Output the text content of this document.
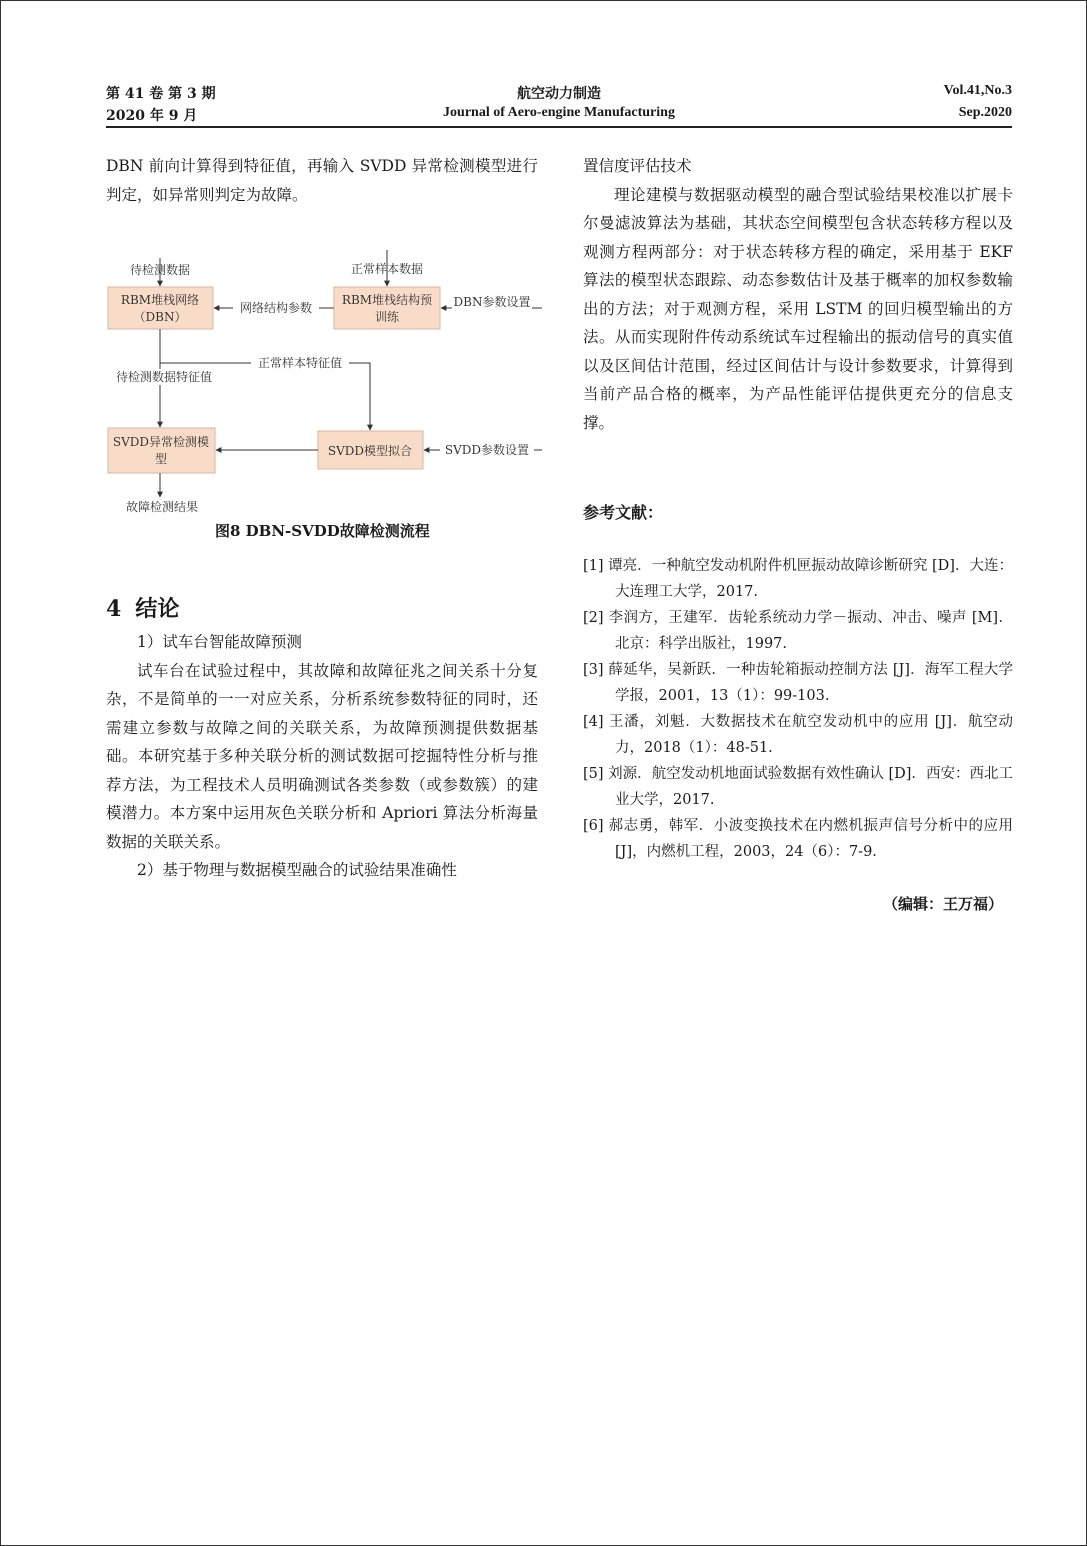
第 41 卷 第 3 期
2020 年 9 月
航空动力制造
Journal of Aero-engine Manufacturing
Vol.41,No.3
Sep.2020

DBN 前向计算得到特征值，再输入 SVDD 异常检测模型进行判定，如异常则判定为故障。

RBM堆栈网络
（DBN）
RBM堆栈结构预
训练
SVDD异常检测模
型
SVDD模型拟合
待检测数据	正常样本数据
网络结构参数	DBN参数设置
正常样本特征值
待检测数据特征值
SVDD参数设置
故障检测结果
图8 DBN-SVDD故障检测流程
4 结论

1）试车台智能故障预测

试车台在试验过程中，其故障和故障征兆之间关系十分复杂，不是简单的一一对应关系，分析系统参数特征的同时，还需建立参数与故障之间的关联关系，为故障预测提供数据基础。本研究基于多种关联分析的测试数据可挖掘特性分析与推荐方法，为工程技术人员明确测试各类参数（或参数簇）的建模潜力。本方案中运用灰色关联分析和 Apriori 算法分析海量数据的关联关系。

2）基于物理与数据模型融合的试验结果准确性

置信度评估技术

理论建模与数据驱动模型的融合型试验结果校准以扩展卡尔曼滤波算法为基础，其状态空间模型包含状态转移方程以及观测方程两部分：对于状态转移方程的确定，采用基于 EKF 算法的模型状态跟踪、动态参数估计及基于概率的加权参数输出的方法；对于观测方程，采用 LSTM 的回归模型输出的方法。从而实现附件传动系统试车过程输出的振动信号的真实值以及区间估计范围，经过区间估计与设计参数要求，计算得到当前产品合格的概率，为产品性能评估提供更充分的信息支撑。

参考文献：

[1] 谭亮．一种航空发动机附件机匣振动故障诊断研究 [D]．大连：大连理工大学，2017.

[2] 李润方，王建军．齿轮系统动力学－振动、冲击、噪声 [M]．北京：科学出版社，1997.

[3] 薛延华，吴新跃．一种齿轮箱振动控制方法 [J]．海军工程大学学报，2001，13（1）：99-103.

[4] 王潘，刘魁．大数据技术在航空发动机中的应用 [J]．航空动力，2018（1）：48-51.

[5] 刘源．航空发动机地面试验数据有效性确认 [D]．西安：西北工业大学，2017.

[6] 郝志勇，韩军．小波变换技术在内燃机振声信号分析中的应用 [J]，内燃机工程，2003，24（6）：7-9.

（编辑：王万福）
